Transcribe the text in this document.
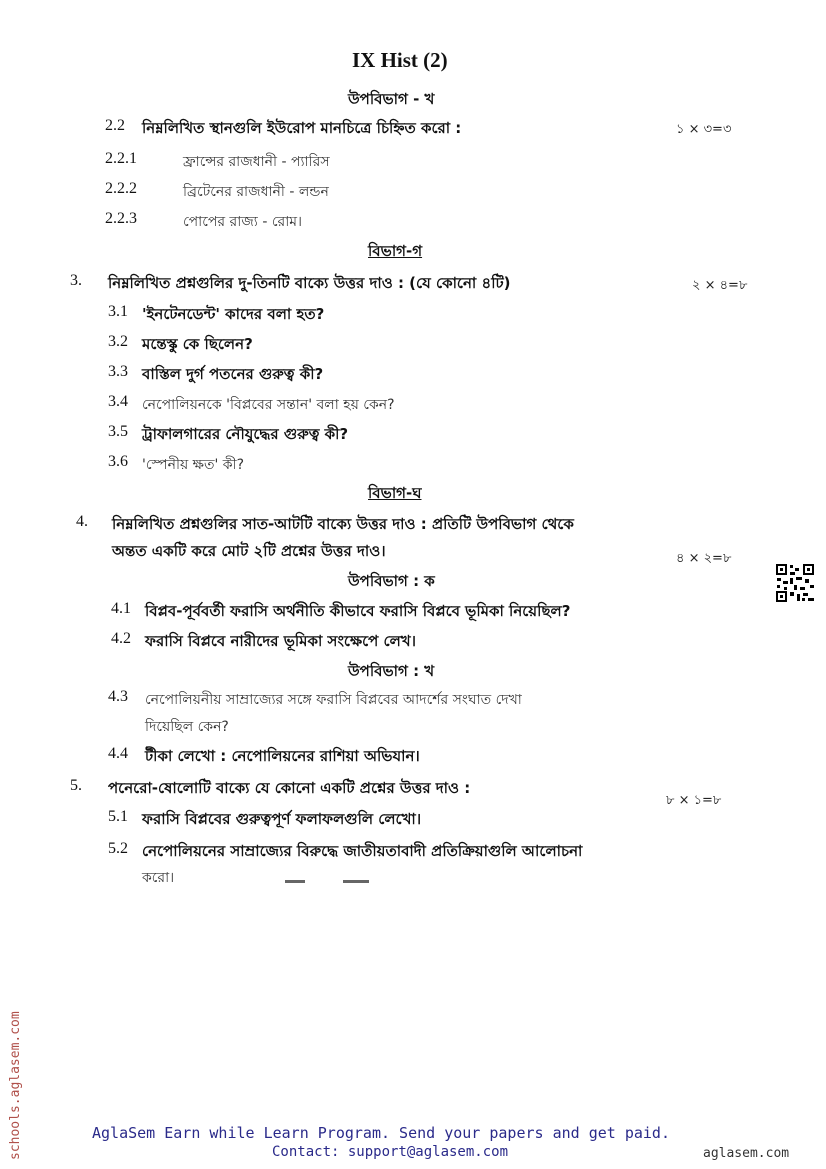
IX Hist (2)
উপবিভাগ - খ
2.2 নিম্নলিখিত স্থানগুলি ইউরোপ মানচিত্রে চিহ্নিত করো :	১ × ৩=৩
2.2.1	ফ্রান্সের রাজধানী - প্যারিস
2.2.2	ব্রিটেনের রাজধানী - লন্ডন
2.2.3	পোপের রাজ্য - রোম।
বিভাগ-গ
3. নিম্নলিখিত প্রশ্নগুলির দু-তিনটি বাক্যে উত্তর দাও : (যে কোনো ৪টি)	২ × ৪=৮
3.1 'ইনটেনডেন্ট' কাদের বলা হত?
3.2 মন্তেস্কু কে ছিলেন?
3.3 বাস্তিল দুর্গ পতনের গুরুত্ব কী?
3.4 নেপোলিয়নকে 'বিপ্লবের সন্তান' বলা হয় কেন?
3.5 ট্রাফালগারের নৌযুদ্ধের গুরুত্ব কী?
3.6 'স্পেনীয় ক্ষত' কী?
বিভাগ-ঘ
4. নিম্নলিখিত প্রশ্নগুলির সাত-আটটি বাক্যে উত্তর দাও : প্রতিটি উপবিভাগ থেকে
অন্তত একটি করে মোট ২টি প্রশ্নের উত্তর দাও।	৪ × ২=৮
উপবিভাগ : ক
4.1 বিপ্লব-পূর্ববর্তী ফরাসি অর্থনীতি কীভাবে ফরাসি বিপ্লবে ভূমিকা নিয়েছিল?
4.2 ফরাসি বিপ্লবে নারীদের ভূমিকা সংক্ষেপে লেখ।
উপবিভাগ : খ
4.3 নেপোলিয়নীয় সাম্রাজ্যের সঙ্গে ফরাসি বিপ্লবের আদর্শের সংঘাত দেখা
দিয়েছিল কেন?
4.4 টীকা লেখো : নেপোলিয়নের রাশিয়া অভিযান।
5. পনেরো-ষোলোটি বাক্যে যে কোনো একটি প্রশ্নের উত্তর দাও :
৮ × ১=৮
5.1 ফরাসি বিপ্লবের গুরুত্বপূর্ণ ফলাফলগুলি লেখো।
5.2 নেপোলিয়নের সাম্রাজ্যের বিরুদ্ধে জাতীয়তাবাদী প্রতিক্রিয়াগুলি আলোচনা
করো।
schools.aglasem.com	AglaSem Earn while Learn Program. Send your papers and get paid.
Contact: support@aglasem.com	aglasem.com
